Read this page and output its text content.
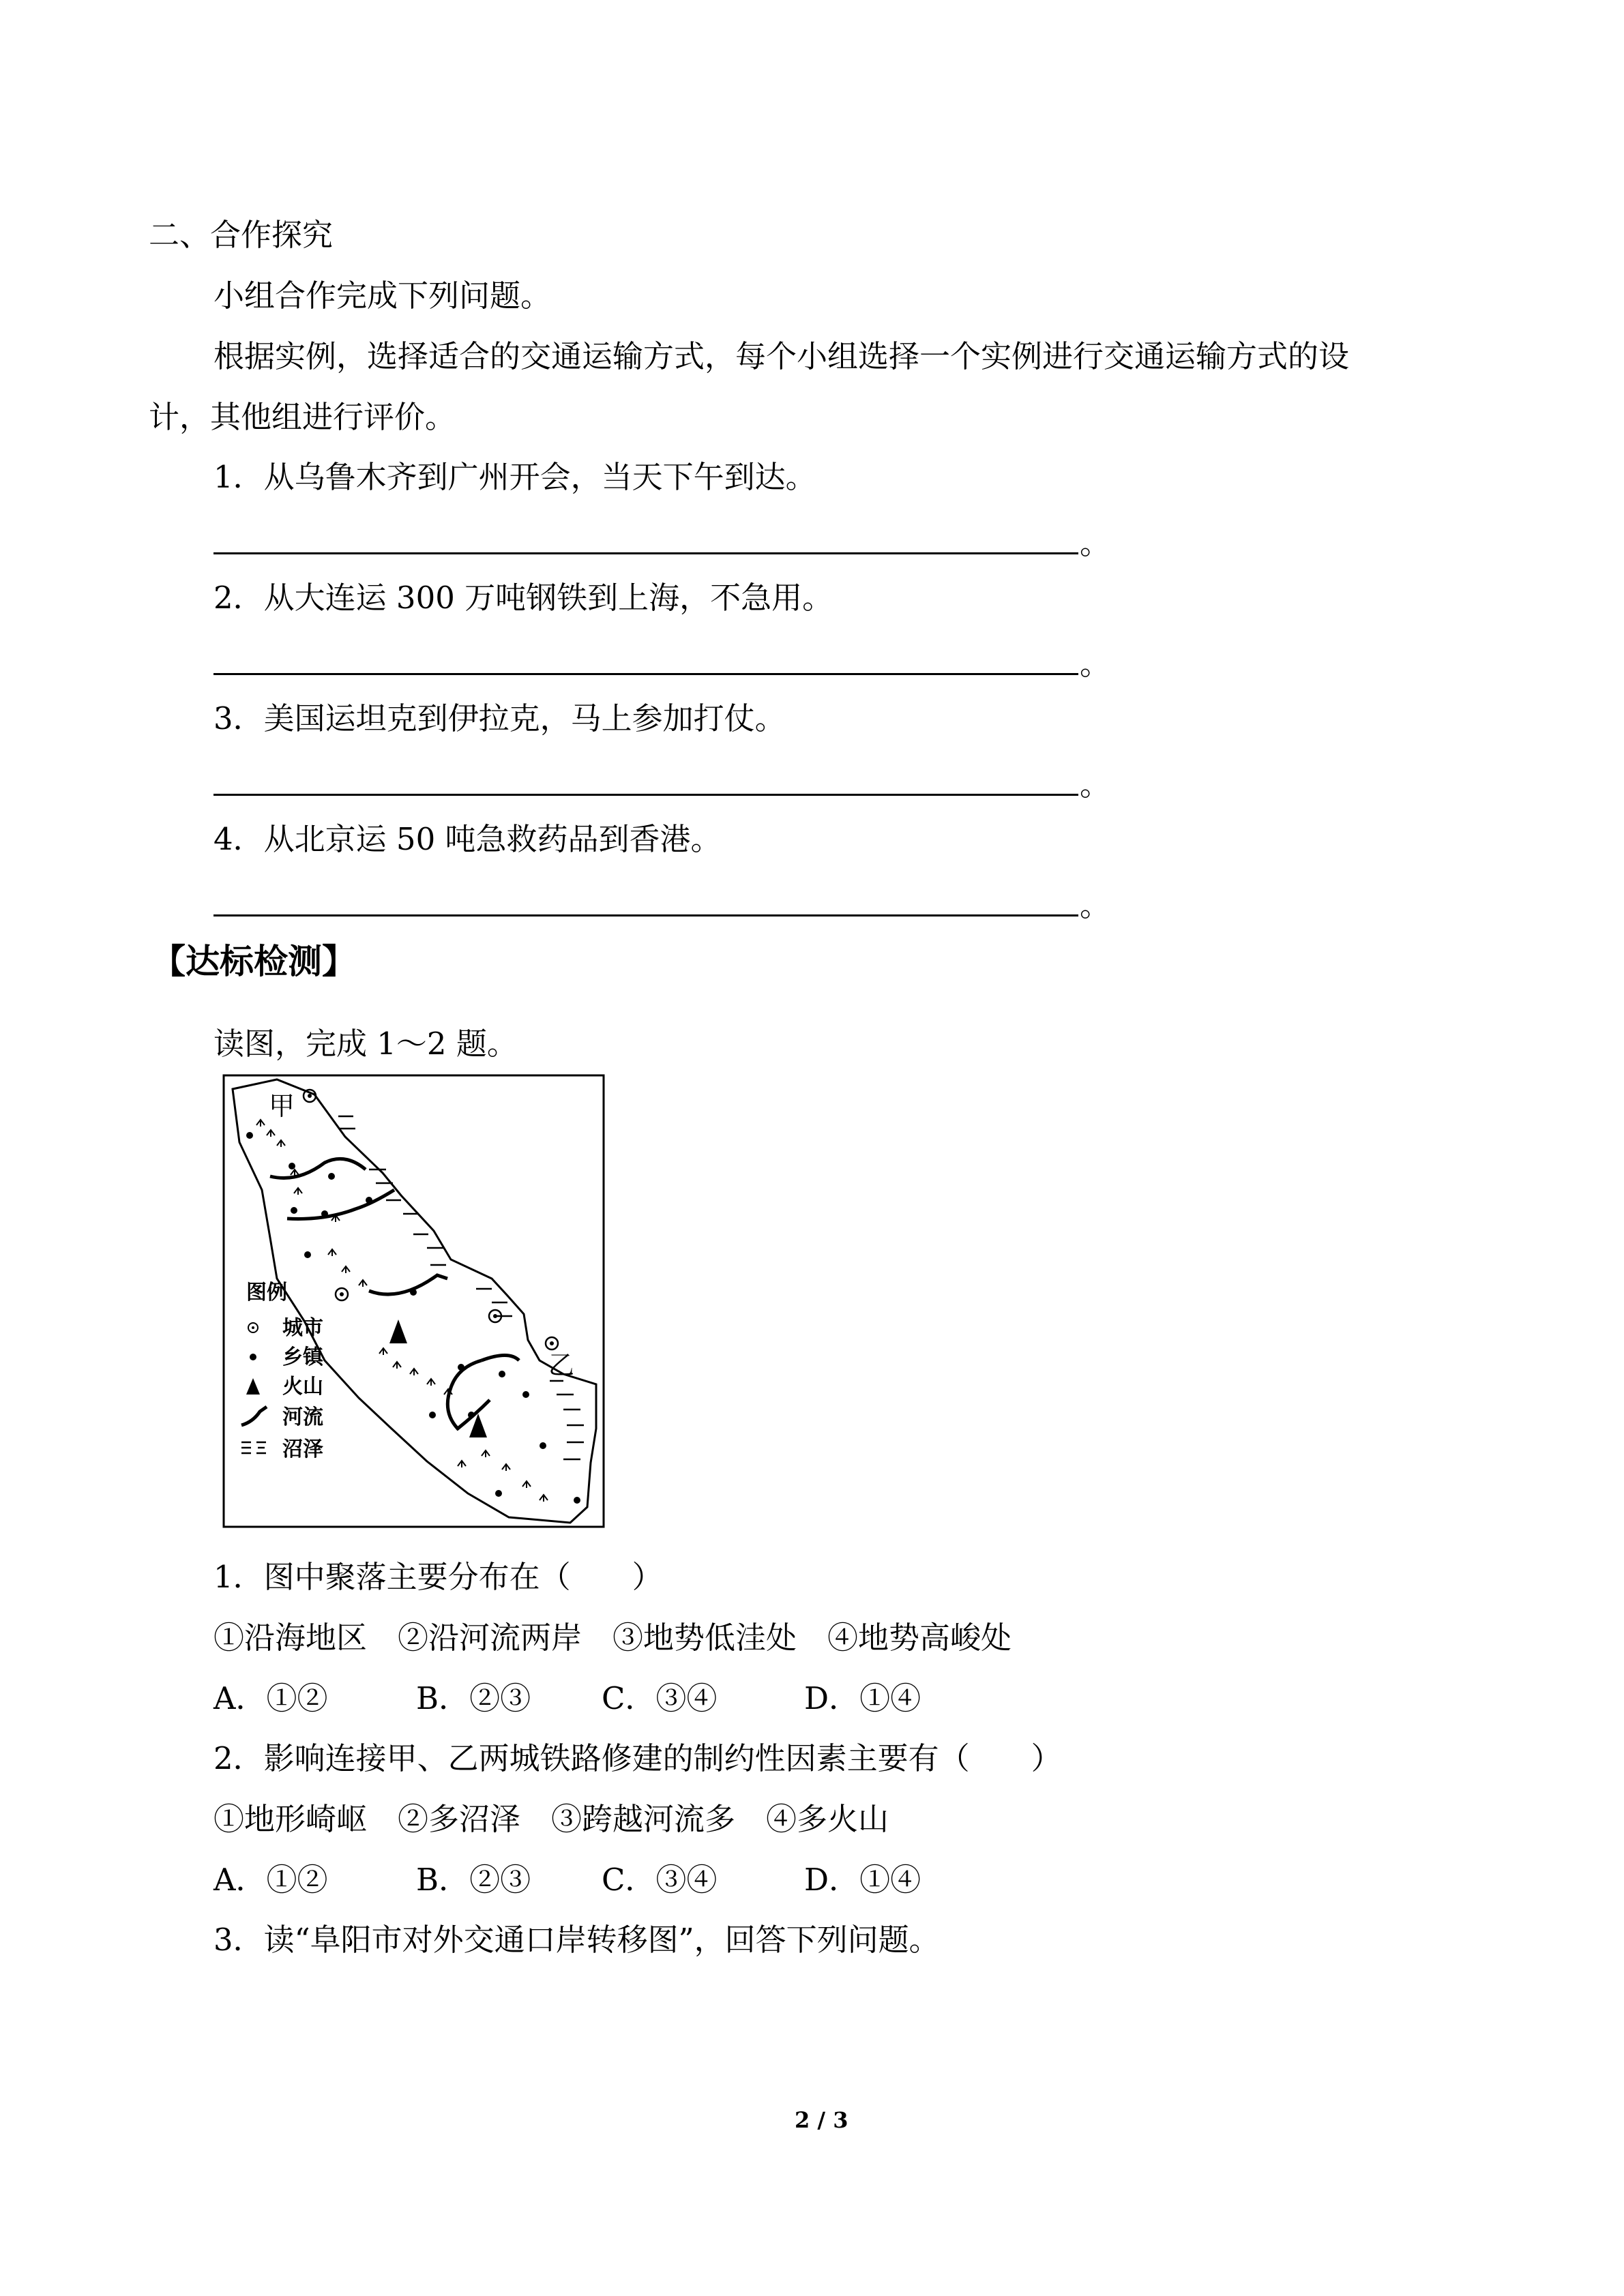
二、合作探究
小组合作完成下列问题。
根据实例，选择适合的交通运输方式，每个小组选择一个实例进行交通运输方式的设
计，其他组进行评价。
1．从乌鲁木齐到广州开会，当天下午到达。
。
2．从大连运 300 万吨钢铁到上海，不急用。
。
3．美国运坦克到伊拉克，马上参加打仗。
。
4．从北京运 50 吨急救药品到香港。
。
【达标检测】
读图，完成 1～2 题。
甲
乙
图例
城市
乡镇
火山
河流
沼泽
1．图中聚落主要分布在（　　）
①沿海地区　②沿河流两岸　③地势低洼处　④地势高峻处
A．①②	B．②③ C．③④	D．①④
2．影响连接甲、乙两城铁路修建的制约性因素主要有（　　）
①地形崎岖　②多沼泽　③跨越河流多　④多火山
A．①②	B．②③ C．③④	D．①④
3．读“阜阳市对外交通口岸转移图”，回答下列问题。
2 / 3
